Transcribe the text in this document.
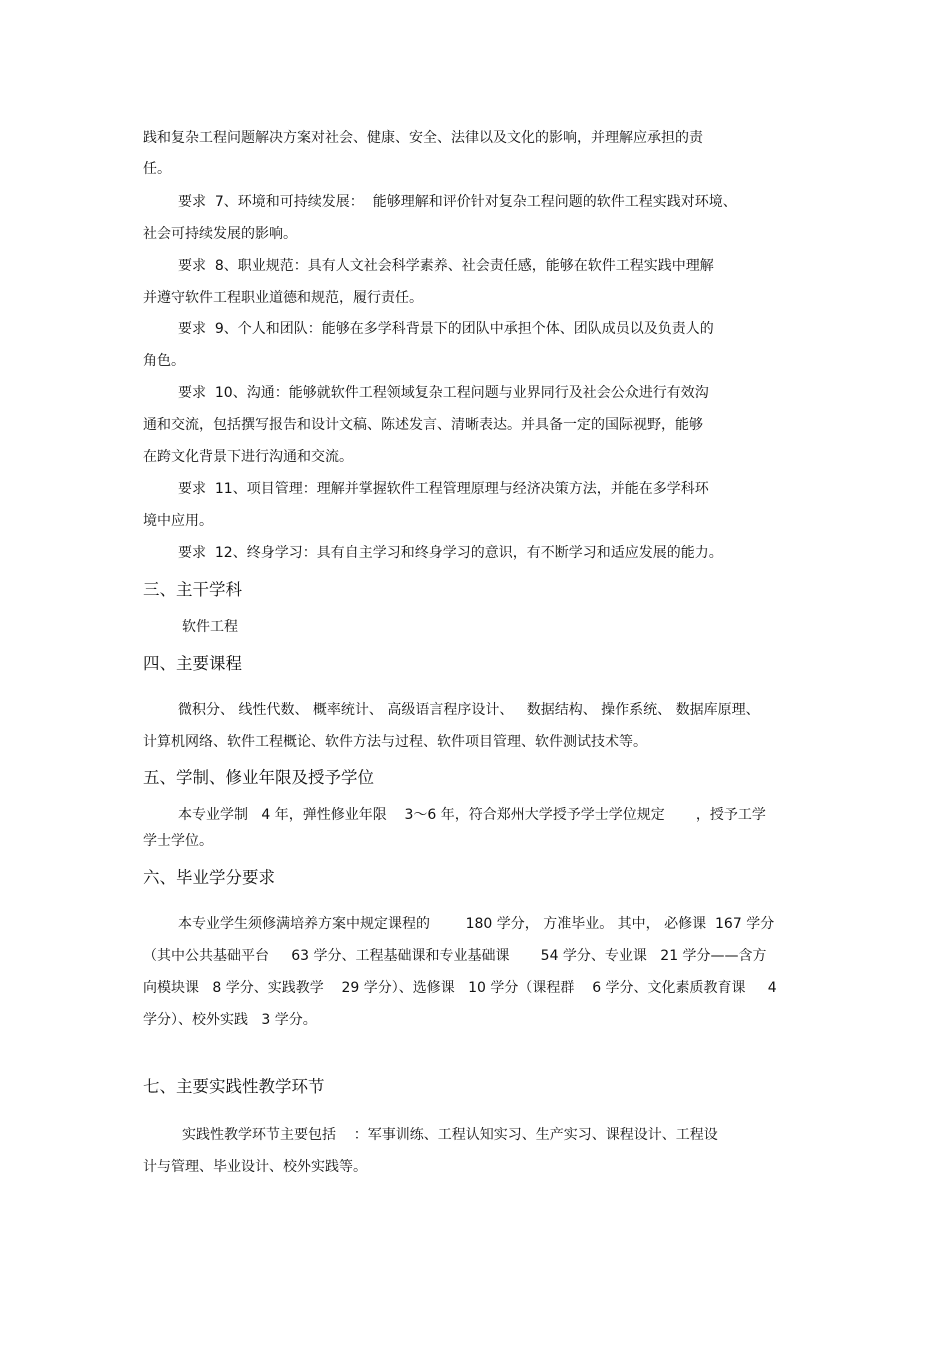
践和复杂工程问题解决方案对社会、健康、安全、法律以及文化的影响，并理解应承担的责
任。
要求  7、环境和可持续发展：  能够理解和评价针对复杂工程问题的软件工程实践对环境、
社会可持续发展的影响。
要求  8、职业规范：具有人文社会科学素养、社会责任感，能够在软件工程实践中理解
并遵守软件工程职业道德和规范，履行责任。
要求  9、个人和团队：能够在多学科背景下的团队中承担个体、团队成员以及负责人的
角色。
要求  10、沟通：能够就软件工程领域复杂工程问题与业界同行及社会公众进行有效沟
通和交流，包括撰写报告和设计文稿、陈述发言、清晰表达。并具备一定的国际视野，能够
在跨文化背景下进行沟通和交流。
要求  11、项目管理：理解并掌握软件工程管理原理与经济决策方法，并能在多学科环
境中应用。
要求  12、终身学习：具有自主学习和终身学习的意识，有不断学习和适应发展的能力。
三、主干学科
软件工程
四、主要课程
微积分、 线性代数、 概率统计、 高级语言程序设计、   数据结构、 操作系统、 数据库原理、
计算机网络、软件工程概论、软件方法与过程、软件项目管理、软件测试技术等。
五、学制、修业年限及授予学位
本专业学制   4 年，弹性修业年限    3～6 年，符合郑州大学授予学士学位规定       ，授予工学
学士学位。
六、毕业学分要求
本专业学生须修满培养方案中规定课程的        180 学分， 方准毕业。 其中， 必修课  167 学分
（其中公共基础平台     63 学分、工程基础课和专业基础课       54 学分、专业课   21 学分——含方
向模块课   8 学分、实践教学    29 学分）、选修课   10 学分（课程群    6 学分、文化素质教育课     4
学分）、校外实践   3 学分。
七、主要实践性教学环节
实践性教学环节主要包括    ：军事训练、工程认知实习、生产实习、课程设计、工程设
计与管理、毕业设计、校外实践等。
